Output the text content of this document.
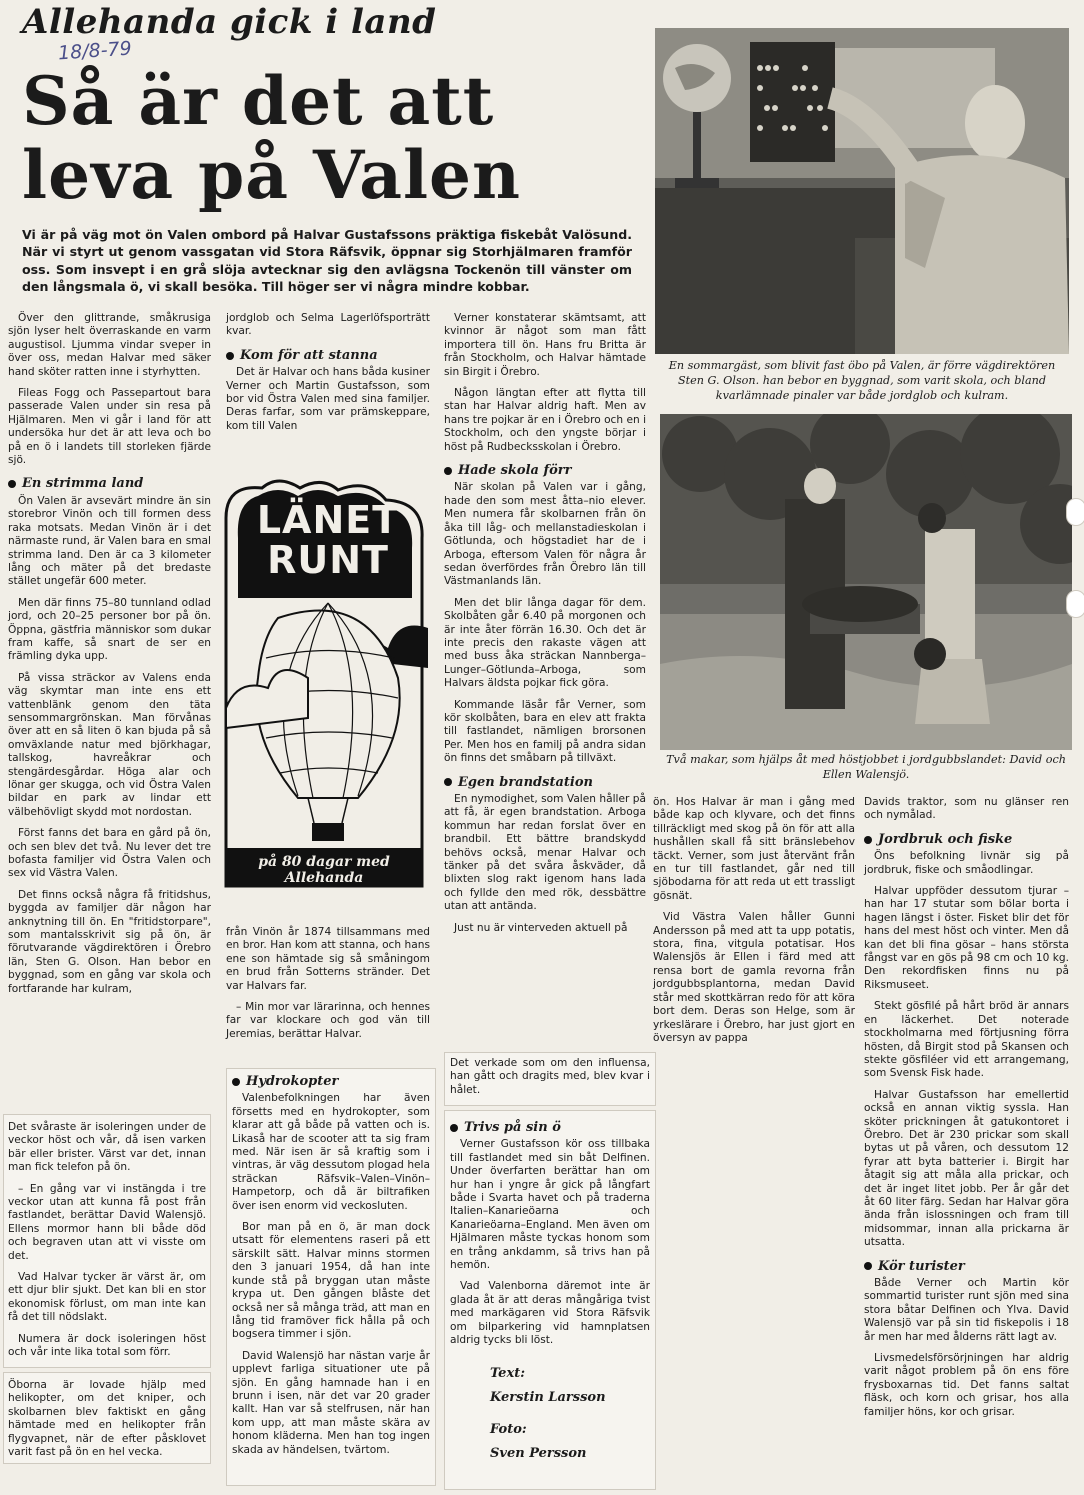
Allehanda gick i land
18/8-79
Så är det att
leva på Valen
Vi är på väg mot ön Valen ombord på Halvar Gustafssons präktiga fiskebåt Valösund. När vi styrt ut genom vassgatan vid Stora Räfsvik, öppnar sig Storhjälmaren framför oss. Som insvept i en grå slöja avtecknar sig den avlägsna Tockenön till vänster om den långsmala ö, vi skall besöka. Till höger ser vi några mindre kobbar.
En sommargäst, som blivit fast öbo på Valen, är förre vägdirektören Sten G. Olson. han bebor en byggnad, som varit skola, och bland kvarlämnade pinaler var både jordglob och kulram.
Två makar, som hjälps åt med höstjobbet i jordgubbslandet: David och Ellen Walensjö.

Över den glittrande, småkrusiga sjön lyser helt överraskande en varm augustisol. Ljumma vindar sveper in över oss, medan Halvar med säker hand sköter ratten inne i styrhytten.

Fileas Fogg och Passepartout bara passerade Valen under sin resa på Hjälmaren. Men vi går i land för att undersöka hur det är att leva och bo på en ö i landets till storleken fjärde sjö.

En strimma land

Ön Valen är avsevärt mindre än sin storebror Vinön och till formen dess raka motsats. Medan Vinön är i det närmaste rund, är Valen bara en smal strimma land. Den är ca 3 kilometer lång och mäter på det bredaste stället ungefär 600 meter.

Men där finns 75–80 tunnland odlad jord, och 20–25 personer bor på ön. Öppna, gästfria människor som dukar fram kaffe, så snart de ser en främling dyka upp.

På vissa sträckor av Valens enda väg skymtar man inte ens ett vattenblänk genom den täta sensommargrönskan. Man förvånas över att en så liten ö kan bjuda på så omväxlande natur med björkhagar, tallskog, havreåkrar och stengärdesgårdar. Höga alar och lönar ger skugga, och vid Östra Valen bildar en park av lindar ett välbehövligt skydd mot nordostan.

Först fanns det bara en gård på ön, och sen blev det två. Nu lever det tre bofasta familjer vid Östra Valen och sex vid Västra Valen.

Det finns också några få fritidshus, byggda av familjer där någon har anknytning till ön. En "fritidstorpare", som mantalsskrivit sig på ön, är förutvarande vägdirektören i Örebro län, Sten G. Olson. Han bebor en byggnad, som en gång var skola och fortfarande har kulram,

jordglob och Selma Lagerlöfsporträtt kvar.

Kom för att stanna

Det är Halvar och hans båda kusiner Verner och Martin Gustafsson, som bor vid Östra Valen med sina familjer. Deras farfar, som var prämskeppare, kom till Valen

LÄNET
RUNT
på 80 dagar med Allehanda

från Vinön år 1874 tillsammans med en bror. Han kom att stanna, och hans ene son hämtade sig så småningom en brud från Sotterns stränder. Det var Halvars far.

– Min mor var lärarinna, och hennes far var klockare och god vän till Jeremias, berättar Halvar.

Verner konstaterar skämtsamt, att kvinnor är något som man fått importera till ön. Hans fru Britta är från Stockholm, och Halvar hämtade sin Birgit i Örebro.

Någon längtan efter att flytta till stan har Halvar aldrig haft. Men av hans tre pojkar är en i Örebro och en i Stockholm, och den yngste börjar i höst på Rudbecksskolan i Örebro.

Hade skola förr

När skolan på Valen var i gång, hade den som mest åtta–nio elever. Men numera får skolbarnen från ön åka till låg- och mellanstadieskolan i Götlunda, och högstadiet har de i Arboga, eftersom Valen för några år sedan överfördes från Örebro län till Västmanlands län.

Men det blir långa dagar för dem. Skolbåten går 6.40 på morgonen och är inte åter förrän 16.30. Och det är inte precis den rakaste vägen att med buss åka sträckan Nannberga–Lunger–Götlunda–Arboga, som Halvars äldsta pojkar fick göra.

Kommande läsår får Verner, som kör skolbåten, bara en elev att frakta till fastlandet, nämligen brorsonen Per. Men hos en familj på andra sidan ön finns det småbarn på tillväxt.

Egen brandstation

En nymodighet, som Valen håller på att få, är egen brandstation. Arboga kommun har redan forslat över en brandbil. Ett bättre brandskydd behövs också, menar Halvar och tänker på det svåra åskväder, då blixten slog rakt igenom hans lada och fyllde den med rök, dessbättre utan att antända.

Just nu är vinterveden aktuell på

ön. Hos Halvar är man i gång med både kap och klyvare, och det finns tillräckligt med skog på ön för att alla hushållen skall få sitt bränslebehov täckt. Verner, som just återvänt från en tur till fastlandet, går ned till sjöbodarna för att reda ut ett trassligt gösnät.

Vid Västra Valen håller Gunni Andersson på med att ta upp potatis, stora, fina, vitgula potatisar. Hos Walensjös är Ellen i färd med att rensa bort de gamla revorna från jordgubbsplantorna, medan David står med skottkärran redo för att köra bort dem. Deras son Helge, som är yrkeslärare i Örebro, har just gjort en översyn av pappa

Davids traktor, som nu glänser ren och nymålad.

Jordbruk och fiske

Öns befolkning livnär sig på jordbruk, fiske och småodlingar.

Halvar uppföder dessutom tjurar – han har 17 stutar som bölar borta i hagen längst i öster. Fisket blir det för hans del mest höst och vinter. Men då kan det bli fina gösar – hans största fångst var en gös på 98 cm och 10 kg. Den rekordfisken finns nu på Riksmuseet.

Stekt gösfilé på hårt bröd är annars en läckerhet. Det noterade stockholmarna med förtjusning förra hösten, då Birgit stod på Skansen och stekte gösfiléer vid ett arrangemang, som Svensk Fisk hade.

Halvar Gustafsson har emellertid också en annan viktig syssla. Han sköter prickningen åt gatukontoret i Örebro. Det är 230 prickar som skall bytas ut på våren, och dessutom 12 fyrar att byta batterier i. Birgit har åtagit sig att måla alla prickar, och det är inget litet jobb. Per år går det åt 60 liter färg. Sedan har Halvar göra ända från islossningen och fram till midsommar, innan alla prickarna är utsatta.

Kör turister

Både Verner och Martin kör sommartid turister runt sjön med sina stora båtar Delfinen och Ylva. David Walensjö var på sin tid fiskepolis i 18 år men har med ålderns rätt lagt av.

Livsmedelsförsörjningen har aldrig varit något problem på ön ens före frysboxarnas tid. Det fanns saltat fläsk, och korn och grisar, hos alla familjer höns, kor och grisar.

Det svåraste är isoleringen under de veckor höst och vår, då isen varken bär eller brister. Värst var det, innan man fick telefon på ön.

– En gång var vi instängda i tre veckor utan att kunna få post från fastlandet, berättar David Walensjö. Ellens mormor hann bli både död och begraven utan att vi visste om det.

Vad Halvar tycker är värst är, om ett djur blir sjukt. Det kan bli en stor ekonomisk förlust, om man inte kan få det till nödslakt.

Numera är dock isoleringen höst och vår inte lika total som förr.

Öborna är lovade hjälp med helikopter, om det kniper, och skolbarnen blev faktiskt en gång hämtade med en helikopter från flygvapnet, när de efter påsklovet varit fast på ön en hel vecka.

Hydrokopter

Valenbefolkningen har även försetts med en hydrokopter, som klarar att gå både på vatten och is. Likaså har de scooter att ta sig fram med. När isen är så kraftig som i vintras, är väg dessutom plogad hela sträckan Räfsvik–Valen–Vinön–Hampetorp, och då är biltrafiken över isen enorm vid veckosluten.

Bor man på en ö, är man dock utsatt för elementens raseri på ett särskilt sätt. Halvar minns stormen den 3 januari 1954, då han inte kunde stå på bryggan utan måste krypa ut. Den gången blåste det också ner så många träd, att man en lång tid framöver fick hålla på och bogsera timmer i sjön.

David Walensjö har nästan varje år upplevt farliga situationer ute på sjön. En gång hamnade han i en brunn i isen, när det var 20 grader kallt. Han var så stelfrusen, när han kom upp, att man måste skära av honom kläderna. Men han tog ingen skada av händelsen, tvärtom.

Det verkade som om den influensa, han gått och dragits med, blev kvar i hålet.

Trivs på sin ö

Verner Gustafsson kör oss tillbaka till fastlandet med sin båt Delfinen. Under överfarten berättar han om hur han i yngre år gick på långfart både i Svarta havet och på traderna Italien–Kanarieöarna och Kanarieöarna–England. Men även om Hjälmaren måste tyckas honom som en trång ankdamm, så trivs han på hemön.

Vad Valenborna däremot inte är glada åt är att deras mångåriga tvist med markägaren vid Stora Räfsvik om bilparkering vid hamnplatsen aldrig tycks bli löst.

Text:
Kerstin Larsson
Foto:
Sven Persson
